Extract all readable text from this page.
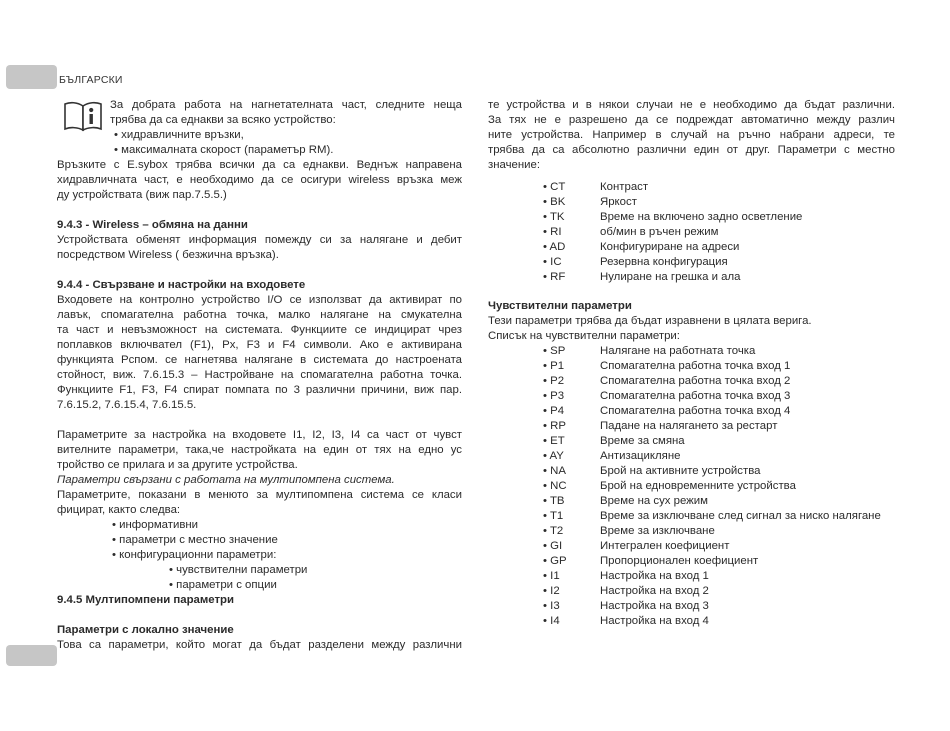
БЪЛГАРСКИ

За добрата работа на нагнетателната част, следните неща

трябва да са еднакви за всяко устройство:

• хидравличните връзки,

• максималната скорост (параметър RM).

Връзките с E.sybox трябва всички да са еднакви. Веднъж направена

хидравличната част, е необходимо да се осигури wireless връзка меж

ду устройствата (виж пар.7.5.5.)

9.4.3 - Wireless – обмяна на данни

Устройствата обменят информация помежду си за налягане и дебит

посредством Wireless ( безжична връзка).

9.4.4 - Свързване и настройки на входовете

Входовете на контролно устройство I/O се използват да активират по

лавък, спомагателна работна точка, малко налягане на смукателна

та част и невъзможност на системата. Функциите се индицират чрез

поплавков включвател (F1), Px, F3 и F4 символи. Ако е активирана

функцията Pcпом. се нагнетява налягане в системата до настроената

стойност, виж. 7.6.15.3 – Настройване на спомагателна работна точка.

Функциите F1, F3, F4 спират помпата по 3 различни причини, виж пар.

7.6.15.2, 7.6.15.4, 7.6.15.5.

Параметрите за настройка на входовете I1, I2, I3, I4 са част от чувст

вителните параметри, така,че настройката на един от тях на едно ус

тройство се прилага и за другите устройства.

Параметри свързани с работата на мултипомпена система.

Параметрите, показани в менюто за мултипомпена система се класи

фицират, както следва:

• информативни

• параметри с местно значение

• конфигурационни параметри:

• чувствителни параметри

• параметри с опции

9.4.5 Мултипомпени параметри

Параметри с локално значение

Това са параметри, който могат да бъдат разделени между различни

те устройства и в някои случаи не е необходимо да бъдат различни.

За тях не е разрешено да се подреждат автоматично между различ

ните устройства. Например в случай на ръчно набрани адреси, те

трябва да са абсолютно различни един от друг. Параметри с местно

значение:

• CT	Контраст
• BK	Яркост
• TK	Време на включено задно осветление
• RI	об/мин в ръчен режим
• AD	Конфигуриране на адреси
• IC	Резервна конфигурация
• RF	Нулиране на грешка и ала

Чувствителни параметри

Тези параметри трябва да бъдат изравнени в цялата верига.

Списък на чувствителни параметри:

• SP	Налягане на работната точка
• P1	Спомагателна работна точка вход 1
• P2	Спомагателна работна точка вход 2
• P3	Спомагателна работна точка вход 3
• P4	Спомагателна работна точка вход 4
• RP	Падане на налягането за рестарт
• ET	Време за смяна
• AY	Антизацикляне
• NA	Брой на активните устройства
• NC	Брой на едновременните устройства
• TB	Време на сух режим
• T1	Време за изключване след сигнал за ниско налягане
• T2	Време за изключване
• GI	Интегрален коефициент
• GP	Пропорционален коефициент
• I1	Настройка на вход 1
• I2	Настройка на вход 2
• I3	Настройка на вход 3
• I4	Настройка на вход 4
